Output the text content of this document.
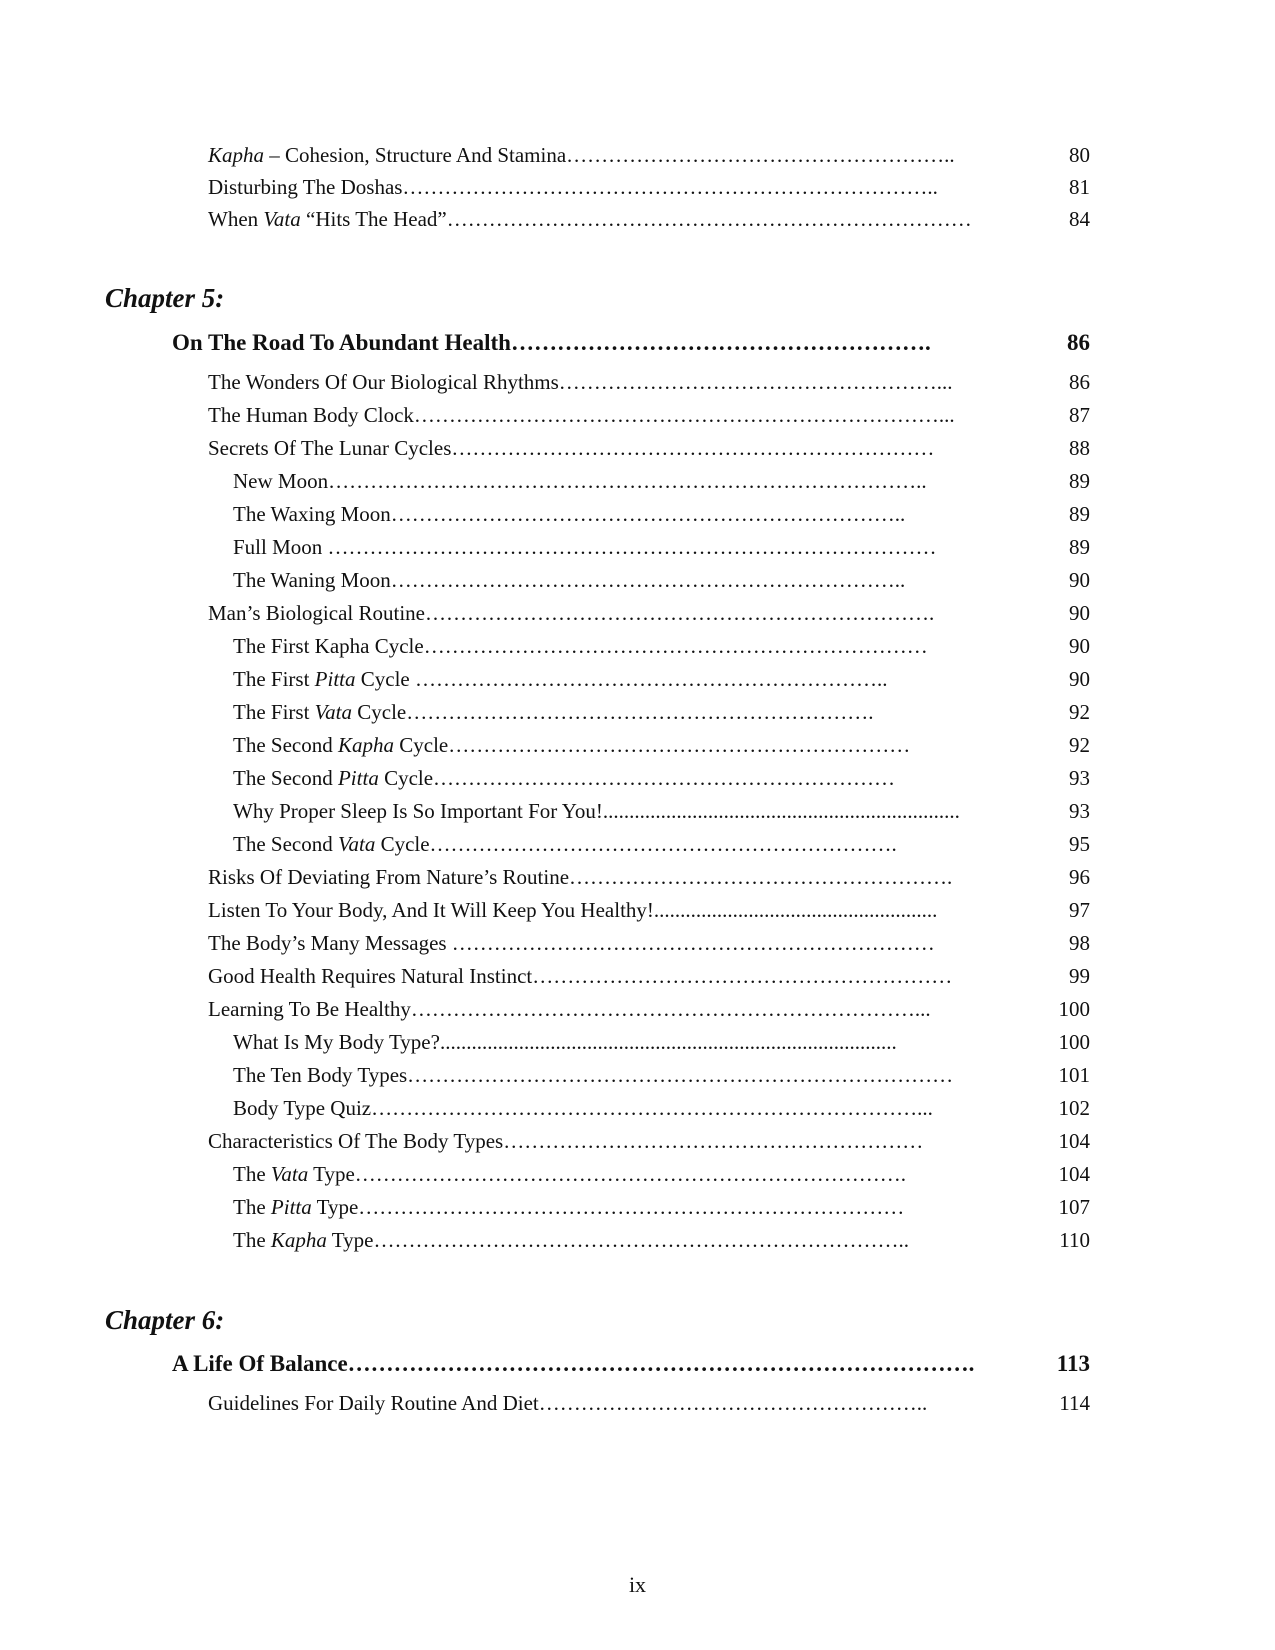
Kapha – Cohesion, Structure And Stamina………………………………………………..	80
Disturbing The Doshas…………………………………………………………………..	81
When Vata “Hits The Head”…………………………………………………………………	84
Chapter 5:
On The Road To Abundant Health……………………………………………….	86
The Wonders Of Our Biological Rhythms………………………………………………...	86
The Human Body Clock…………………………………………………………………...	87
Secrets Of The Lunar Cycles……………………………………………………………	88
New Moon…………………………………………………………………………..	89
The Waxing Moon………………………………………………………………..	89
Full Moon ……………………………………………………………………………	89
The Waning Moon………………………………………………………………..	90
Man’s Biological Routine……………………………………………………………….	90
The First Kapha Cycle………………………………………………………………	90
The First Pitta Cycle …………………………………………………………..	90
The First Vata Cycle………………………………………………………….	92
The Second Kapha Cycle…………………………………………………………	92
The Second Pitta Cycle…………………………………………………………	93
Why Proper Sleep Is So Important For You!....................................................................	93
The Second Vata Cycle………………………………………………………….	95
Risks Of Deviating From Nature’s Routine……………………………………………….	96
Listen To Your Body, And It Will Keep You Healthy!......................................................	97
The Body’s Many Messages ……………………………………………………………	98
Good Health Requires Natural Instinct……………………………………………………	99
Learning To Be Healthy………………………………………………………………...	100
What Is My Body Type?.......................................................................................	100
The Ten Body Types……………………………………………………………………	101
Body Type Quiz……………………………………………………………………...	102
Characteristics Of The Body Types……………………………………………………	104
The Vata Type…………………………………………………………………….	104
The Pitta Type……………………………………………………………………	107
The Kapha Type…………………………………………………………………..	110
Chapter 6:
A Life Of Balance……………………………………………………………………….	113
Guidelines For Daily Routine And Diet………………………………………………..	114
ix
